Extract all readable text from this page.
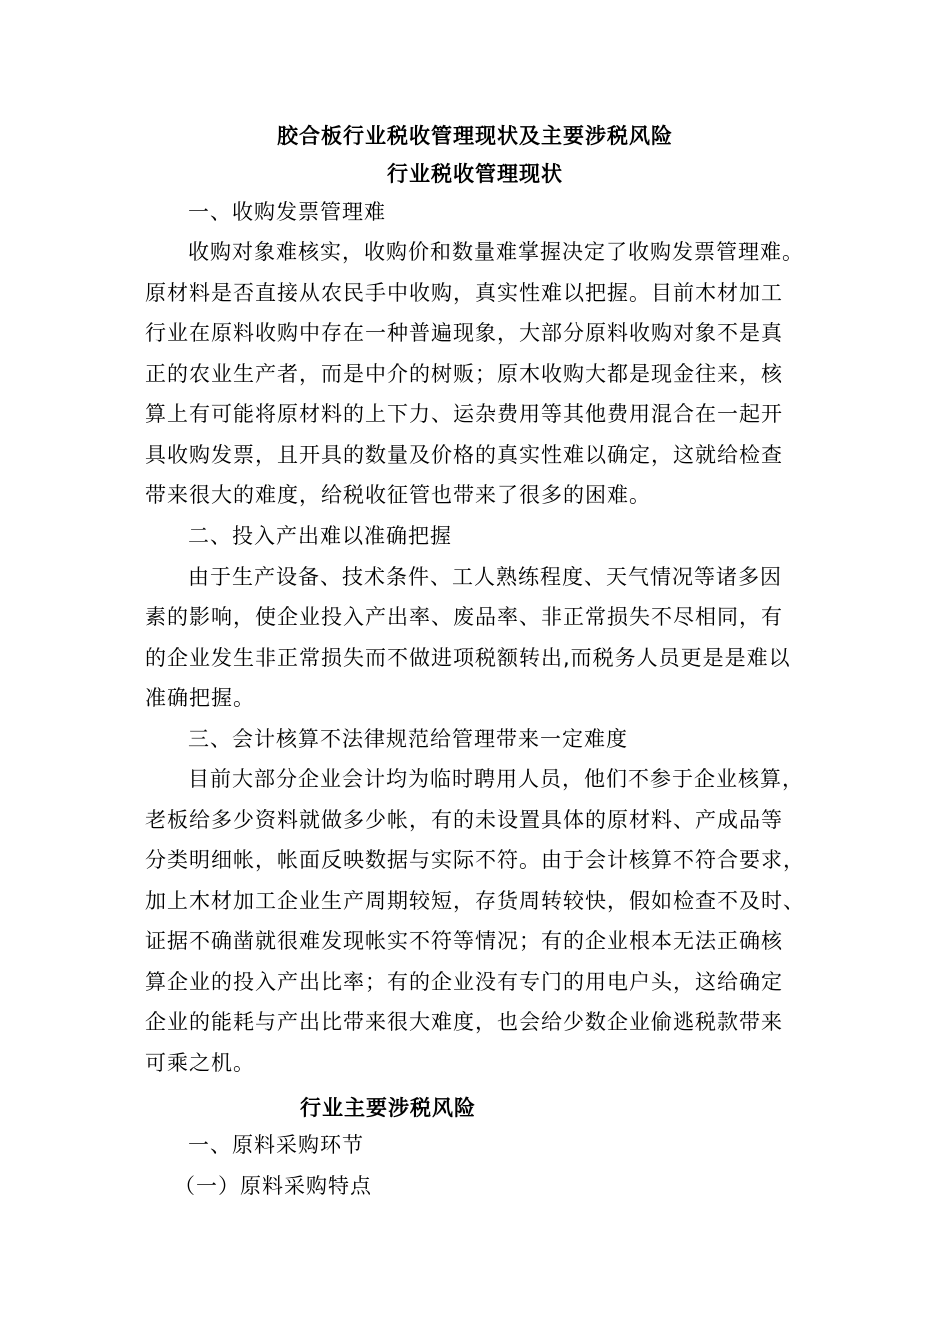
胶合板行业税收管理现状及主要涉税风险
行业税收管理现状
一、收购发票管理难
收购对象难核实，收购价和数量难掌握决定了收购发票管理难。
原材料是否直接从农民手中收购，真实性难以把握。目前木材加工
行业在原料收购中存在一种普遍现象，大部分原料收购对象不是真
正的农业生产者，而是中介的树贩；原木收购大都是现金往来，核
算上有可能将原材料的上下力、运杂费用等其他费用混合在一起开
具收购发票，且开具的数量及价格的真实性难以确定，这就给检查
带来很大的难度，给税收征管也带来了很多的困难。
二、投入产出难以准确把握
由于生产设备、技术条件、工人熟练程度、天气情况等诸多因
素的影响，使企业投入产出率、废品率、非正常损失不尽相同，有
的企业发生非正常损失而不做进项税额转出,而税务人员更是是难以
准确把握。
三、会计核算不法律规范给管理带来一定难度
目前大部分企业会计均为临时聘用人员，他们不参于企业核算，
老板给多少资料就做多少帐，有的未设置具体的原材料、产成品等
分类明细帐，帐面反映数据与实际不符。由于会计核算不符合要求，
加上木材加工企业生产周期较短，存货周转较快，假如检查不及时、
证据不确凿就很难发现帐实不符等情况；有的企业根本无法正确核
算企业的投入产出比率；有的企业没有专门的用电户头，这给确定
企业的能耗与产出比带来很大难度，也会给少数企业偷逃税款带来
可乘之机。
行业主要涉税风险
一、原料采购环节
（一）原料采购特点
